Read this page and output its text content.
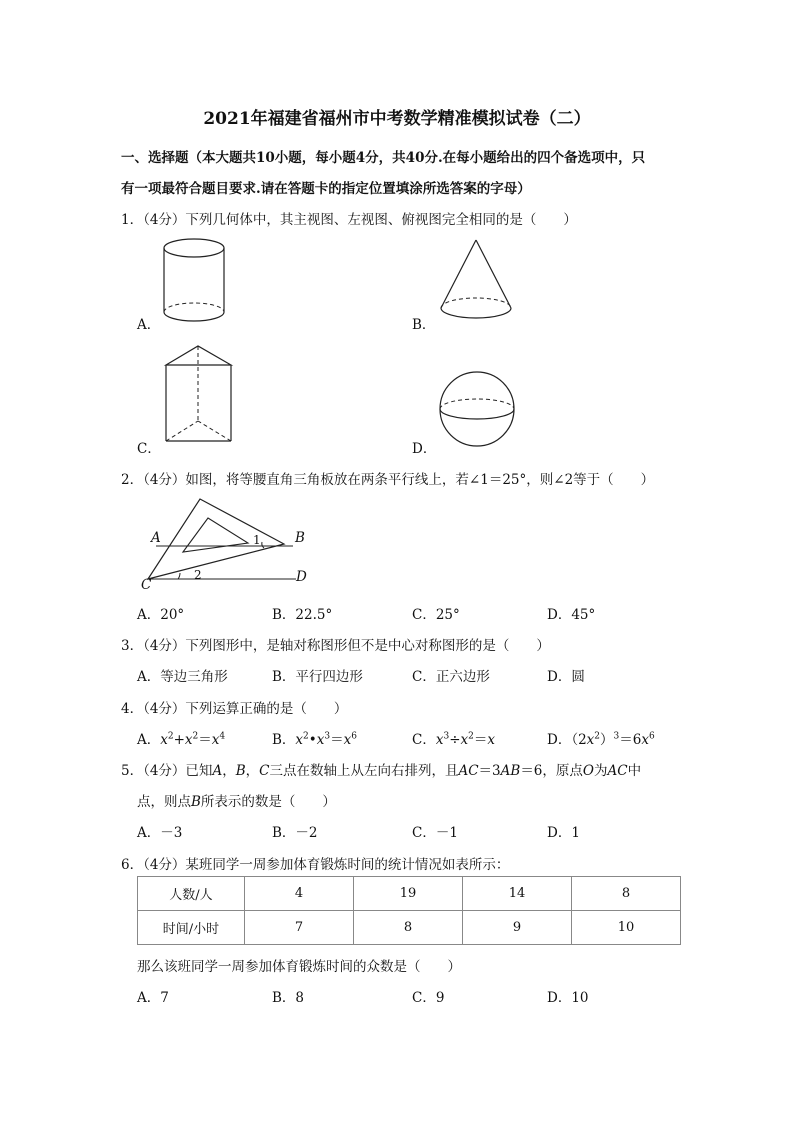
2021年福建省福州市中考数学精准模拟试卷（二）
一、选择题（本大题共10小题，每小题4分，共40分.在每小题给出的四个备选项中，只
有一项最符合题目要求.请在答题卡的指定位置填涂所选答案的字母）
1．（4分）下列几何体中，其主视图、左视图、俯视图完全相同的是（　　）
A．	B．
C．	D．
2．（4分）如图，将等腰直角三角板放在两条平行线上，若∠1＝25°，则∠2等于（　　）
A	B
C	D
1
2
A．20°	B．22.5°	C．25°	D．45°
3．（4分）下列图形中，是轴对称图形但不是中心对称图形的是（　　）
A．等边三角形	B．平行四边形	C．正六边形	D．圆
4．（4分）下列运算正确的是（　　）
A．$x^2+x^2=x^4$	B．$x^2•x^3=x^6$	C．$x^3\div x^2=x$	D．$(2x^2)^3=6x^6$
5．（4分）已知A，B，C三点在数轴上从左向右排列，且AC＝3AB＝6，原点O为AC中
点，则点B所表示的数是（　　）
A．－3	B．－2	C．－1	D．1
6．（4分）某班同学一周参加体育锻炼时间的统计情况如表所示：
人数/人	4	19	14	8
时间/小时	7	8	9	10
那么该班同学一周参加体育锻炼时间的众数是（　　）
A．7	B．8	C．9	D．10
